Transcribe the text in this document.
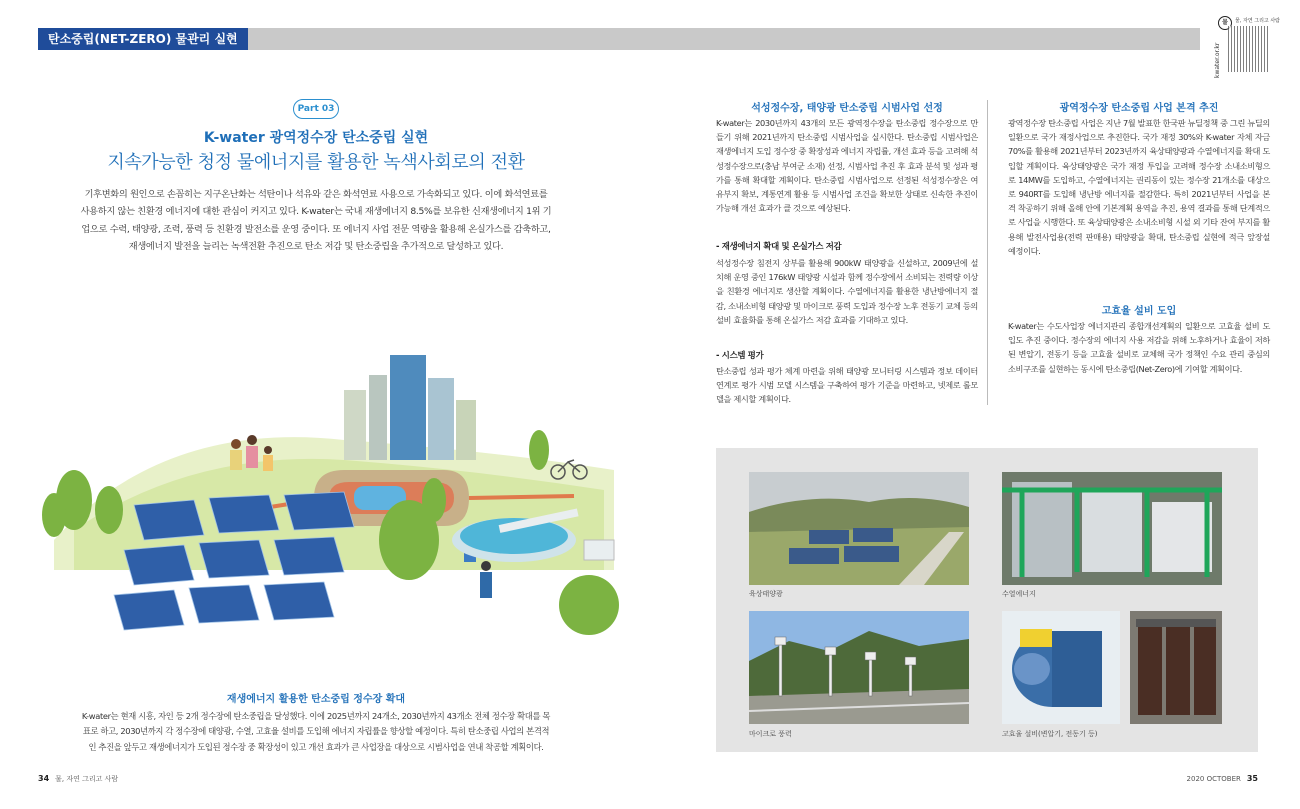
탄소중립(NET-ZERO) 물관리 실현
물	물, 자연 그리고 사람
kwater.or.kr
Part 03
K-water 광역정수장 탄소중립 실현
지속가능한 청정 물에너지를 활용한 녹색사회로의 전환
기후변화의 원인으로 손꼽히는 지구온난화는 석탄이나 석유와 같은 화석연료 사용으로 가속화되고 있다. 이에 화석연료를 사용하지 않는 친환경 에너지에 대한 관심이 커지고 있다. K-water는 국내 재생에너지 8.5%를 보유한 신재생에너지 1위 기업으로 수력, 태양광, 조력, 풍력 등 친환경 발전소를 운영 중이다. 또 에너지 사업 전문 역량을 활용해 온실가스를 감축하고, 재생에너지 발전을 늘리는 녹색전환 추진으로 탄소 저감 및 탄소중립을 추가적으로 달성하고 있다.
재생에너지 활용한 탄소중립 정수장 확대
K-water는 현재 시흥, 자인 등 2개 정수장에 탄소중립을 달성했다. 이에 2025년까지 24개소, 2030년까지 43개소 전체 정수장 확대를 목표로 하고, 2030년까지 각 정수장에 태양광, 수열, 고효율 설비를 도입해 에너지 자립률을 향상할 예정이다. 특히 탄소중립 사업의 본격적인 추진을 앞두고 재생에너지가 도입된 정수장 중 확장성이 있고 개선 효과가 큰 사업장을 대상으로 시범사업을 연내 착공할 계획이다.
석성정수장, 태양광 탄소중립 시범사업 선정
K-water는 2030년까지 43개의 모든 광역정수장을 탄소중립 정수장으로 만들기 위해 2021년까지 탄소중립 시범사업을 실시한다. 탄소중립 시범사업은 재생에너지 도입 정수장 중 확장성과 에너지 자립률, 개선 효과 등을 고려해 석성정수장으로(충남 부여군 소재) 선정, 시범사업 추진 후 효과 분석 및 성과 평가를 통해 확대할 계획이다. 탄소중립 시범사업으로 선정된 석성정수장은 여유부지 확보, 계통연계 활용 등 시범사업 조건을 확보한 상태로 신속한 추진이 가능해 개선 효과가 클 것으로 예상된다.
- 재생에너지 확대 및 온실가스 저감
석성정수장 침전지 상부를 활용해 900kW 태양광을 신설하고, 2009년에 설치해 운영 중인 176kW 태양광 시설과 함께 정수장에서 소비되는 전력량 이상을 친환경 에너지로 생산할 계획이다. 수열에너지를 활용한 냉난방에너지 절감, 소내소비형 태양광 및 마이크로 풍력 도입과 정수장 노후 전동기 교체 등의 설비 효율화를 통해 온실가스 저감 효과를 기대하고 있다.
- 시스템 평가
탄소중립 성과 평가 체계 마련을 위해 태양광 모니터링 시스템과 정보 데이터 연계로 평가 시범 모델 시스템을 구축하여 평가 기준을 마련하고, 넷제로 롤모델을 제시할 계획이다.
광역정수장 탄소중립 사업 본격 추진
광역정수장 탄소중립 사업은 지난 7월 발표한 한국판 뉴딜정책 중 그린 뉴딜의 일환으로 국가 재정사업으로 추진한다. 국가 재정 30%와 K-water 자체 자금 70%를 활용해 2021년부터 2023년까지 육상태양광과 수열에너지를 확대 도입할 계획이다. 육상태양광은 국가 재정 투입을 고려해 정수장 소내소비형으로 14MW를 도입하고, 수열에너지는 권리동이 있는 정수장 21개소를 대상으로 940RT를 도입해 냉난방 에너지를 절감한다. 특히 2021년부터 사업을 본격 착공하기 위해 올해 안에 기본계획 용역을 추진, 용역 결과를 통해 단계적으로 사업을 시행한다. 또 육상태양광은 소내소비형 시설 외 기타 잔여 부지를 활용해 발전사업용(전력 판매용) 태양광을 확대, 탄소중립 실현에 적극 앞장설 예정이다.
고효율 설비 도입
K-water는 수도사업장 에너지관리 종합개선계획의 일환으로 고효율 설비 도입도 추진 중이다. 정수장의 에너지 사용 저감을 위해 노후하거나 효율이 저하된 변압기, 전동기 등을 고효율 설비로 교체해 국가 정책인 수요 관리 중심의 소비구조를 실현하는 동시에 탄소중립(Net-Zero)에 기여할 계획이다.
육상태양광	수열에너지
마이크로 풍력	고효율 설비(변압기, 전동기 등)
34 물, 자연 그리고 사람	2020 OCTOBER 35
